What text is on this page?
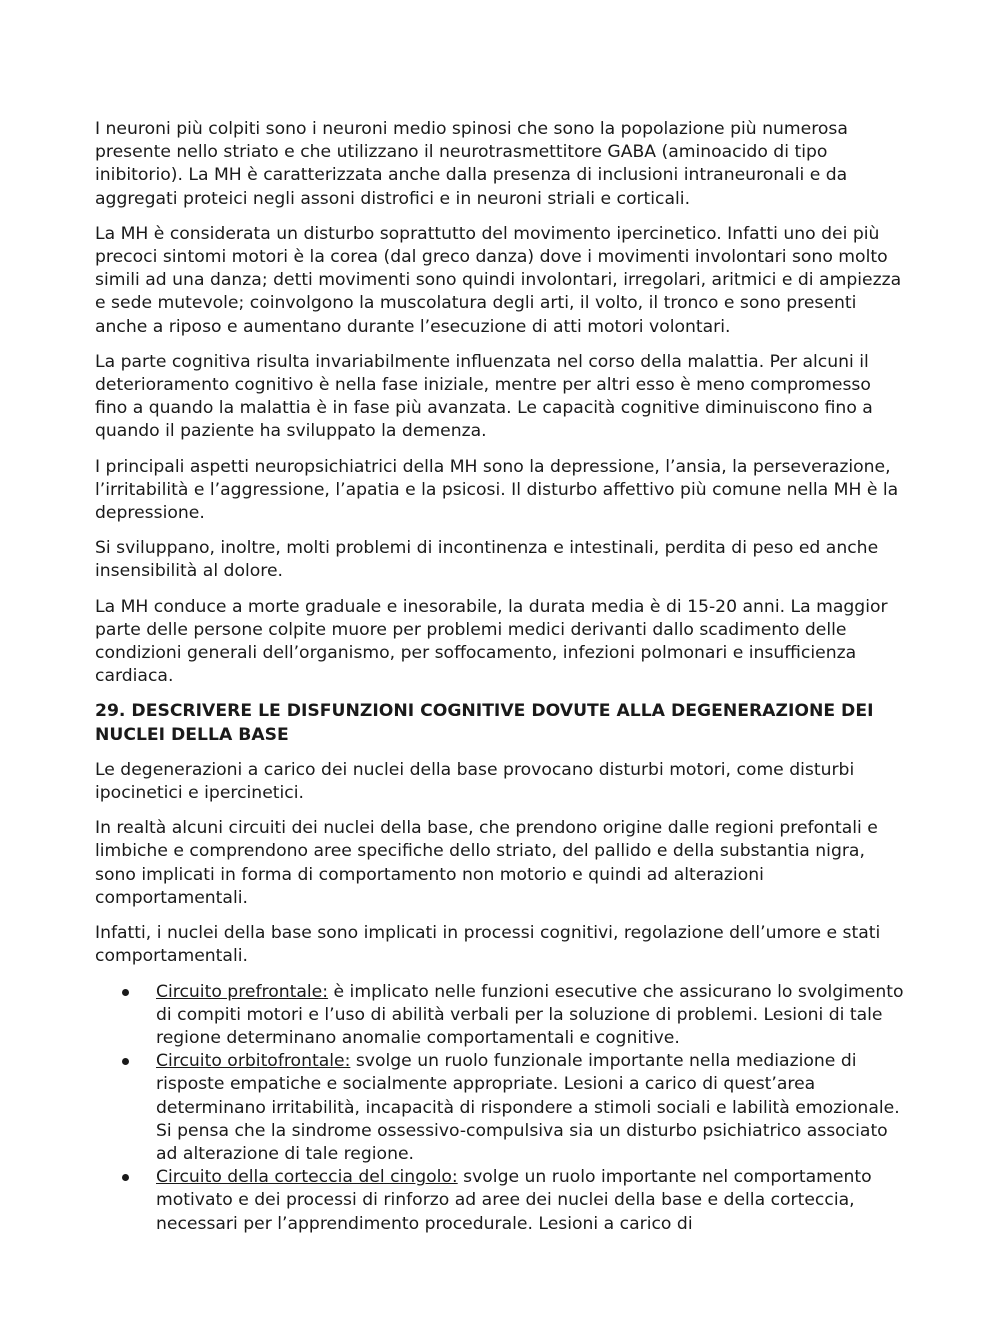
I neuroni più colpiti sono i neuroni medio spinosi che sono la popolazione più numerosa presente nello striato e che utilizzano il neurotrasmettitore GABA (aminoacido di tipo inibitorio). La MH è caratterizzata anche dalla presenza di inclusioni intraneuronali e da aggregati proteici negli assoni distrofici e in neuroni striali e corticali.

La MH è considerata un disturbo soprattutto del movimento ipercinetico. Infatti uno dei più precoci sintomi motori è la corea (dal greco danza) dove i movimenti involontari sono molto simili ad una danza; detti movimenti sono quindi involontari, irregolari, aritmici e di ampiezza e sede mutevole; coinvolgono la muscolatura degli arti, il volto, il tronco e sono presenti anche a riposo e aumentano durante l’esecuzione di atti motori volontari.

La parte cognitiva risulta invariabilmente influenzata nel corso della malattia. Per alcuni il deterioramento cognitivo è nella fase iniziale, mentre per altri esso è meno compromesso fino a quando la malattia è in fase più avanzata. Le capacità cognitive diminuiscono fino a quando il paziente ha sviluppato la demenza.

I principali aspetti neuropsichiatrici della MH sono la depressione, l’ansia, la perseverazione, l’irritabilità e l’aggressione, l’apatia e la psicosi. Il disturbo affettivo più comune nella MH è la depressione.

Si sviluppano, inoltre, molti problemi di incontinenza e intestinali, perdita di peso ed anche insensibilità al dolore.

La MH conduce a morte graduale e inesorabile, la durata media è di 15-20 anni. La maggior parte delle persone colpite muore per problemi medici derivanti dallo scadimento delle condizioni generali dell’organismo, per soffocamento, infezioni polmonari e insufficienza cardiaca.

29. DESCRIVERE LE DISFUNZIONI COGNITIVE DOVUTE ALLA DEGENERAZIONE DEI NUCLEI DELLA BASE

Le degenerazioni a carico dei nuclei della base provocano disturbi motori, come disturbi ipocinetici e ipercinetici.

In realtà alcuni circuiti dei nuclei della base, che prendono origine dalle regioni prefontali e limbiche e comprendono aree specifiche dello striato, del pallido e della substantia nigra, sono implicati in forma di comportamento non motorio e quindi ad alterazioni comportamentali.

Infatti, i nuclei della base sono implicati in processi cognitivi, regolazione dell’umore e stati comportamentali.

Circuito prefrontale: è implicato nelle funzioni esecutive che assicurano lo svolgimento di compiti motori e l’uso di abilità verbali per la soluzione di problemi. Lesioni di tale regione determinano anomalie comportamentali e cognitive.
Circuito orbitofrontale: svolge un ruolo funzionale importante nella mediazione di risposte empatiche e socialmente appropriate. Lesioni a carico di quest’area determinano irritabilità, incapacità di rispondere a stimoli sociali e labilità emozionale. Si pensa che la sindrome ossessivo-compulsiva sia un disturbo psichiatrico associato ad alterazione di tale regione.
Circuito della corteccia del cingolo: svolge un ruolo importante nel comportamento motivato e dei processi di rinforzo ad aree dei nuclei della base e della corteccia, necessari per l’apprendimento procedurale. Lesioni a carico di
